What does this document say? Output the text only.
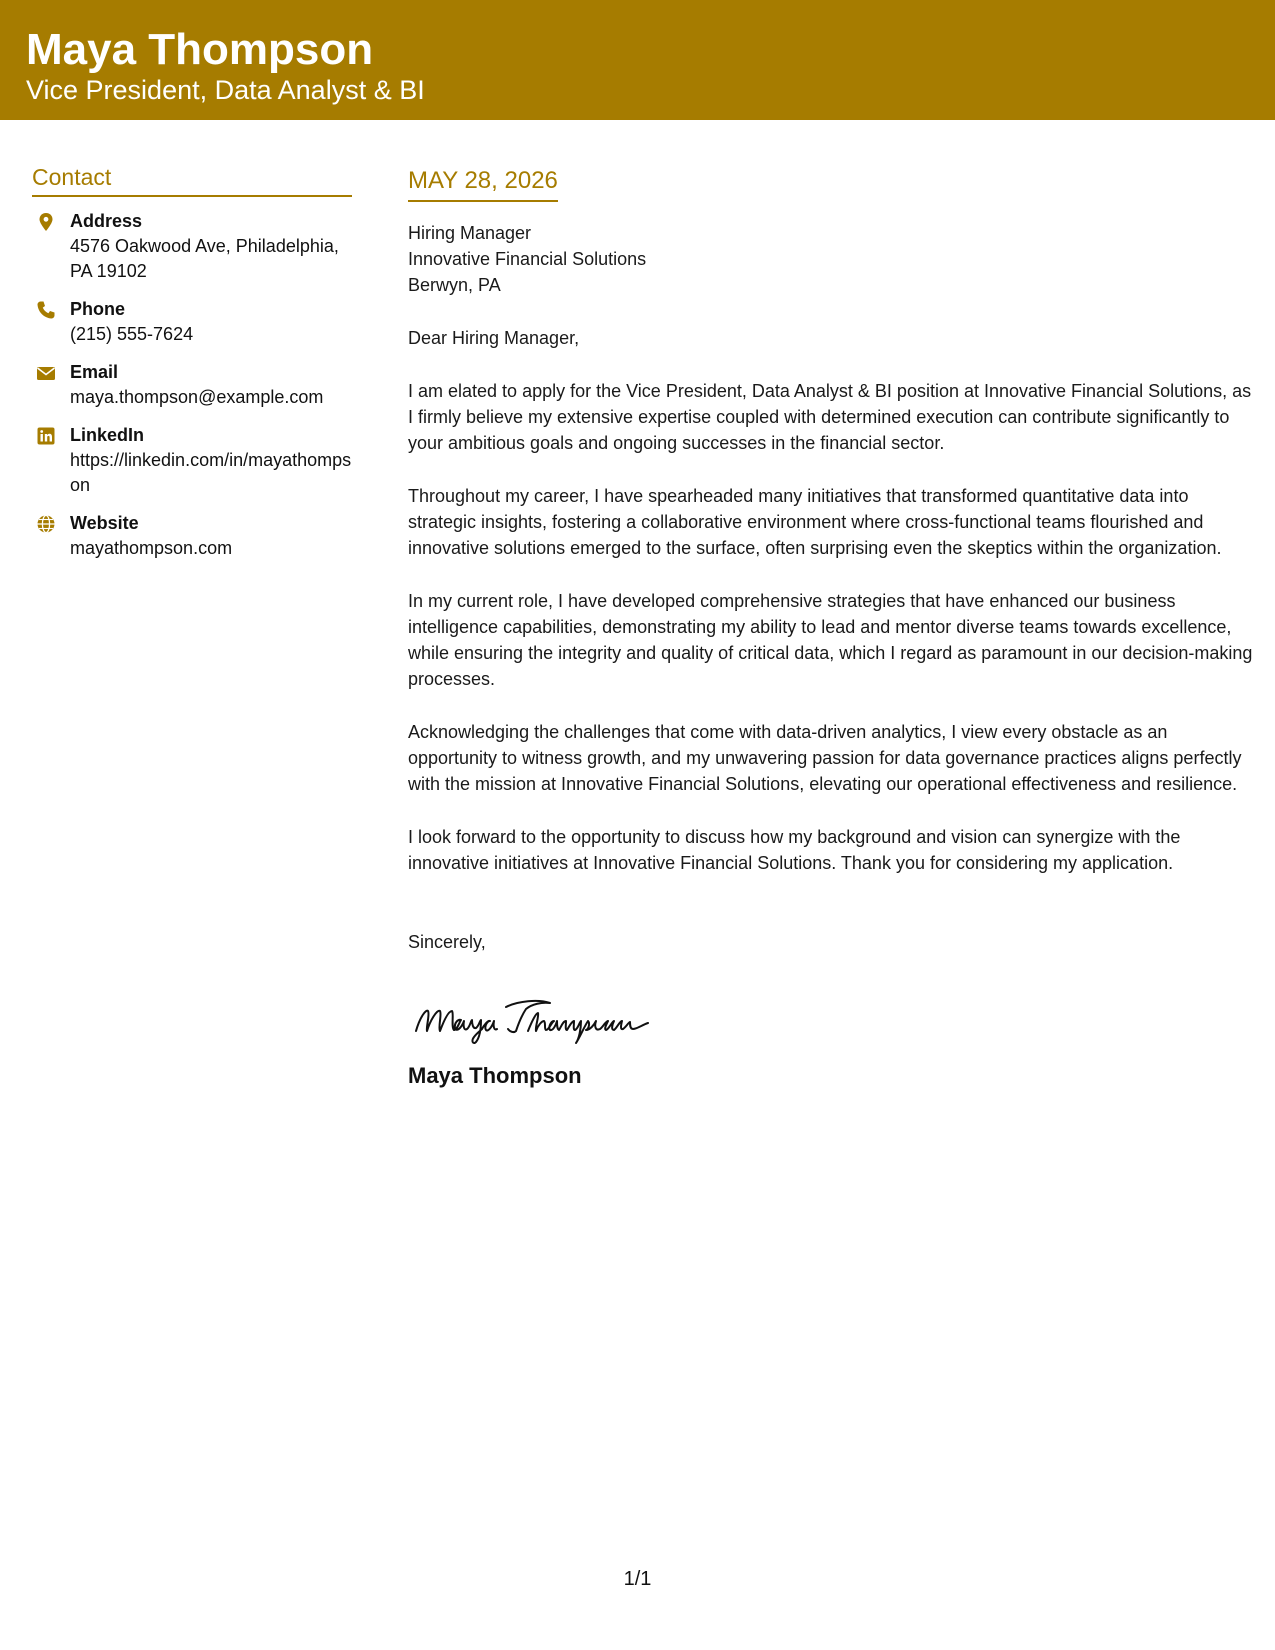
Maya Thompson
Vice President, Data Analyst & BI
Contact
Address
4576 Oakwood Ave, Philadelphia, PA 19102
Phone
(215) 555-7624
Email
maya.thompson@example.com
LinkedIn
https://linkedin.com/in/mayathompson
Website
mayathompson.com
MAY 28, 2026
Hiring Manager
Innovative Financial Solutions
Berwyn, PA
Dear Hiring Manager,

I am elated to apply for the Vice President, Data Analyst & BI position at Innovative Financial Solutions, as I firmly believe my extensive expertise coupled with determined execution can contribute significantly to your ambitious goals and ongoing successes in the financial sector.

Throughout my career, I have spearheaded many initiatives that transformed quantitative data into strategic insights, fostering a collaborative environment where cross-functional teams flourished and innovative solutions emerged to the surface, often surprising even the skeptics within the organization.

In my current role, I have developed comprehensive strategies that have enhanced our business intelligence capabilities, demonstrating my ability to lead and mentor diverse teams towards excellence, while ensuring the integrity and quality of critical data, which I regard as paramount in our decision-making processes.

Acknowledging the challenges that come with data-driven analytics, I view every obstacle as an opportunity to witness growth, and my unwavering passion for data governance practices aligns perfectly with the mission at Innovative Financial Solutions, elevating our operational effectiveness and resilience.

I look forward to the opportunity to discuss how my background and vision can synergize with the innovative initiatives at Innovative Financial Solutions. Thank you for considering my application.

Sincerely,
Maya Thompson
1/1
